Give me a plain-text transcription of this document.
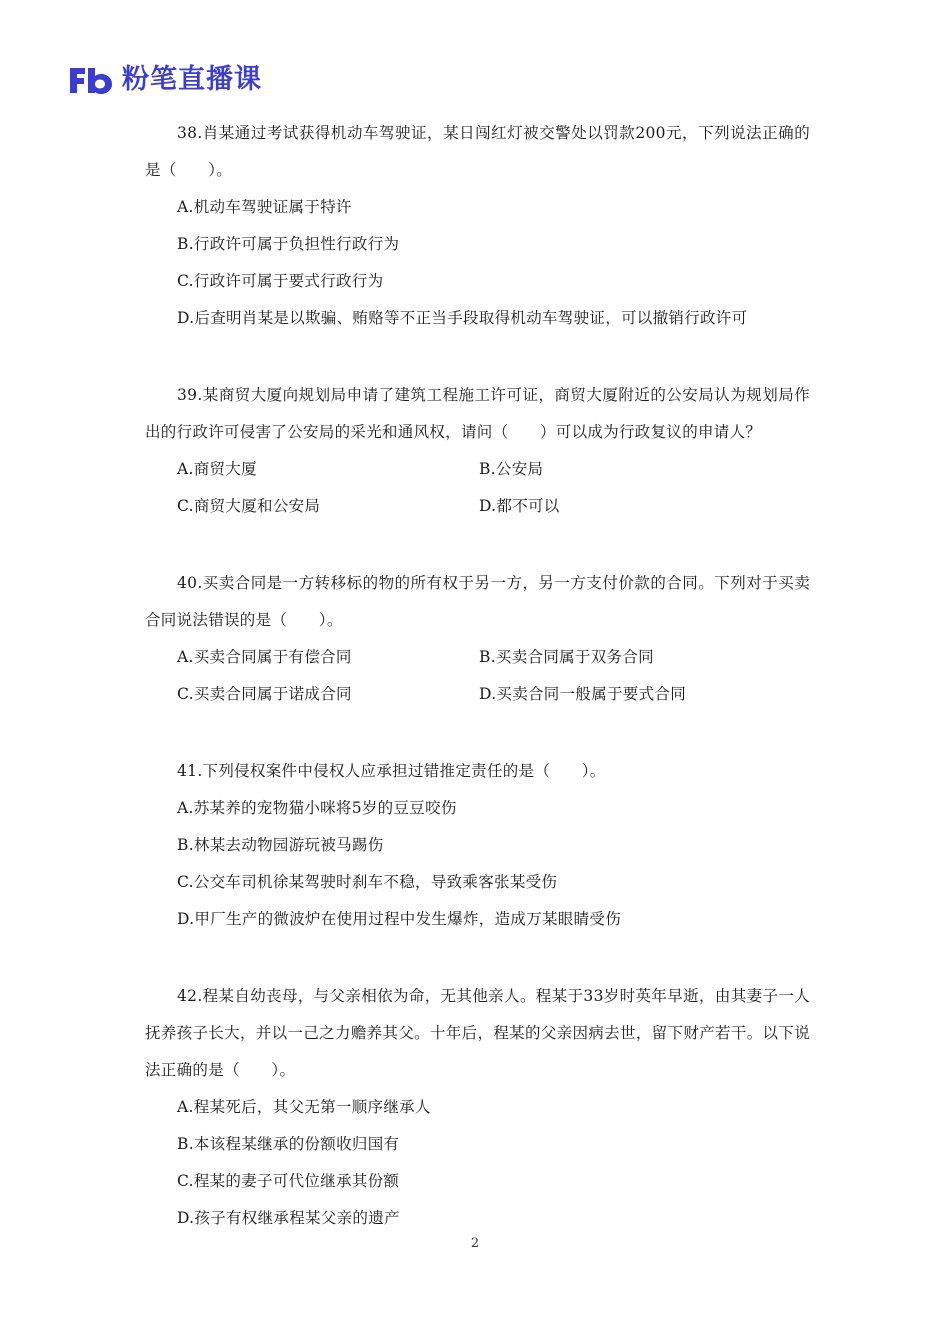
粉笔直播课

38.肖某通过考试获得机动车驾驶证，某日闯红灯被交警处以罚款200元，下列说法正确的是（　　）。

A.机动车驾驶证属于特许

B.行政许可属于负担性行政行为

C.行政许可属于要式行政行为

D.后查明肖某是以欺骗、贿赂等不正当手段取得机动车驾驶证，可以撤销行政许可

39.某商贸大厦向规划局申请了建筑工程施工许可证，商贸大厦附近的公安局认为规划局作出的行政许可侵害了公安局的采光和通风权，请问（　　）可以成为行政复议的申请人？

A.商贸大厦	B.公安局

C.商贸大厦和公安局	D.都不可以

40.买卖合同是一方转移标的物的所有权于另一方，另一方支付价款的合同。下列对于买卖合同说法错误的是（　　）。

A.买卖合同属于有偿合同	B.买卖合同属于双务合同

C.买卖合同属于诺成合同	D.买卖合同一般属于要式合同

41.下列侵权案件中侵权人应承担过错推定责任的是（　　）。

A.苏某养的宠物猫小咪将5岁的豆豆咬伤

B.林某去动物园游玩被马踢伤

C.公交车司机徐某驾驶时刹车不稳，导致乘客张某受伤

D.甲厂生产的微波炉在使用过程中发生爆炸，造成万某眼睛受伤

42.程某自幼丧母，与父亲相依为命，无其他亲人。程某于33岁时英年早逝，由其妻子一人抚养孩子长大，并以一己之力赡养其父。十年后，程某的父亲因病去世，留下财产若干。以下说法正确的是（　　）。

A.程某死后，其父无第一顺序继承人

B.本该程某继承的份额收归国有

C.程某的妻子可代位继承其份额

D.孩子有权继承程某父亲的遗产

2
